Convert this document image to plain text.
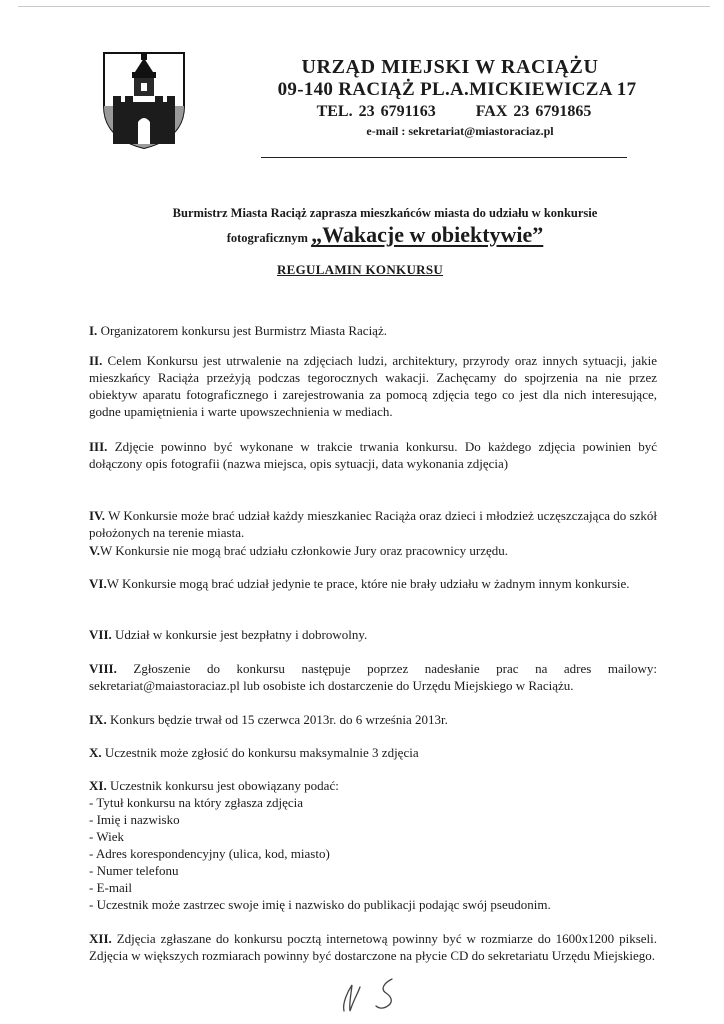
URZĄD MIEJSKI W RACIĄŻU
09-140 RACIĄŻ PL.A.MICKIEWICZA 17
TEL. 23 6791163	FAX 23 6791865
e-mail : sekretariat@miastoraciaz.pl
Burmistrz Miasta Raciąż zaprasza mieszkańców miasta do udziału w konkursie
fotograficznym „Wakacje w obiektywie”
REGULAMIN KONKURSU

I. Organizatorem konkursu jest Burmistrz Miasta Raciąż.

II. Celem Konkursu jest utrwalenie na zdjęciach ludzi, architektury, przyrody oraz innych sytuacji, jakie mieszkańcy Raciąża przeżyją podczas tegorocznych wakacji. Zachęcamy do spojrzenia na nie przez obiektyw aparatu fotograficznego i zarejestrowania za pomocą zdjęcia tego co jest dla nich interesujące, godne upamiętnienia i warte upowszechnienia w mediach.

III. Zdjęcie powinno być wykonane w trakcie trwania konkursu. Do każdego zdjęcia powinien być dołączony opis fotografii (nazwa miejsca, opis sytuacji, data wykonania zdjęcia)

IV. W Konkursie może brać udział każdy mieszkaniec Raciąża oraz dzieci i młodzież uczęszczająca do szkół położonych na terenie miasta.

V.W Konkursie nie mogą brać udziału członkowie Jury oraz pracownicy urzędu.

VI.W Konkursie mogą brać udział jedynie te prace, które nie brały udziału w żadnym innym konkursie.

VII. Udział w konkursie jest bezpłatny i dobrowolny.

VIII. Zgłoszenie do konkursu następuje poprzez nadesłanie prac na adres mailowy: sekretariat@maiastoraciaz.pl lub osobiste ich dostarczenie do Urzędu Miejskiego w Raciążu.

IX. Konkurs będzie trwał od 15 czerwca 2013r. do 6 września 2013r.

X. Uczestnik może zgłosić do konkursu maksymalnie 3 zdjęcia

XI. Uczestnik konkursu jest obowiązany podać:
- Tytuł konkursu na który zgłasza zdjęcia
- Imię i nazwisko
- Wiek
- Adres korespondencyjny (ulica, kod, miasto)
- Numer telefonu
- E-mail
- Uczestnik może zastrzec swoje imię i nazwisko do publikacji podając swój pseudonim.

XII. Zdjęcia zgłaszane do konkursu pocztą internetową powinny być w rozmiarze do 1600x1200 pikseli. Zdjęcia w większych rozmiarach powinny być dostarczone na płycie CD do sekretariatu Urzędu Miejskiego.
